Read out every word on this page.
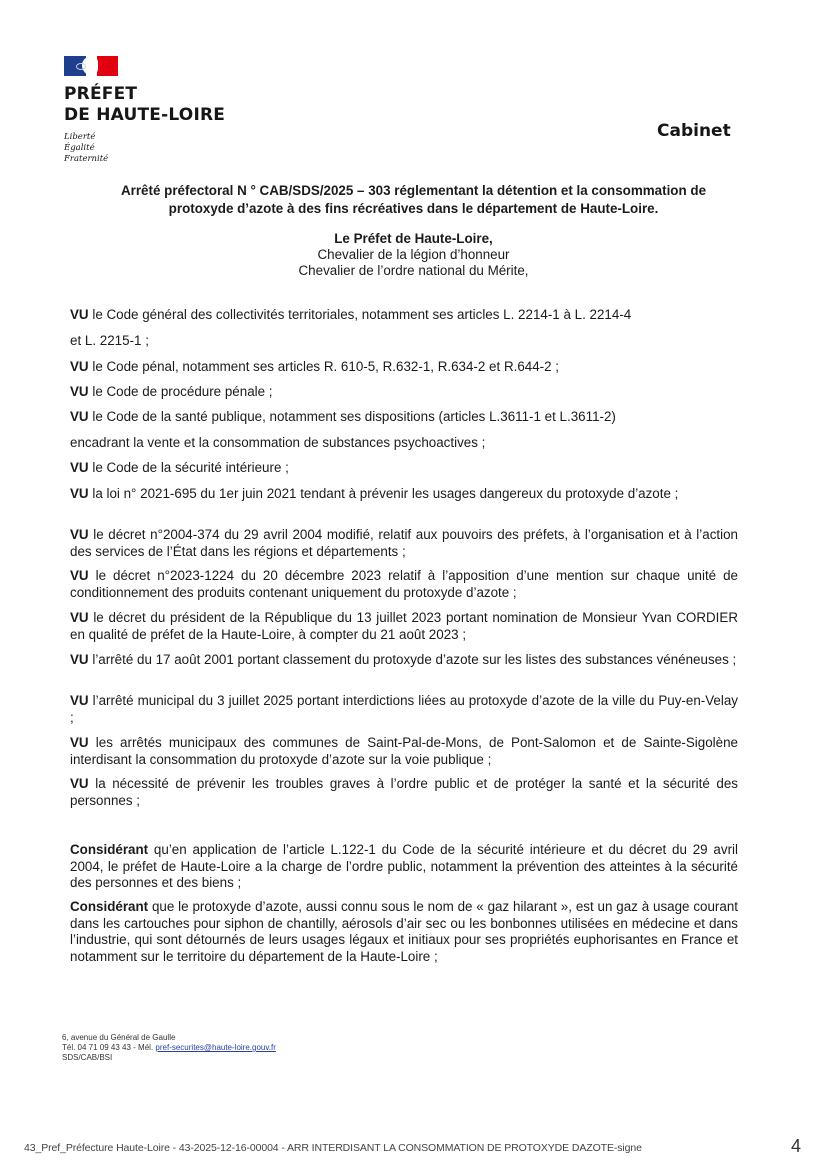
PRÉFET
DE HAUTE-LOIRE
Liberté
Égalité
Fraternité
Cabinet
Arrêté préfectoral N ° CAB/SDS/2025 – 303 réglementant la détention et la consommation de
protoxyde d’azote à des fins récréatives dans le département de Haute-Loire.
Le Préfet de Haute-Loire,
Chevalier de la légion d’honneur
Chevalier de l’ordre national du Mérite,

VU le Code général des collectivités territoriales, notamment ses articles L. 2214-1 à L. 2214-4

et L. 2215-1 ;

VU le Code pénal, notamment ses articles R. 610-5, R.632-1, R.634-2 et R.644-2 ;

VU le Code de procédure pénale ;

VU le Code de la santé publique, notamment ses dispositions (articles L.3611-1 et L.3611-2)

encadrant la vente et la consommation de substances psychoactives ;

VU le Code de la sécurité intérieure ;

VU la loi n° 2021-695 du 1er juin 2021 tendant à prévenir les usages dangereux du protoxyde d’azote ;

VU le décret n°2004-374 du 29 avril 2004 modifié, relatif aux pouvoirs des préfets, à l’organisation et à l’action des services de l’État dans les régions et départements ;

VU le décret n°2023-1224 du 20 décembre 2023 relatif à l’apposition d’une mention sur chaque unité de conditionnement des produits contenant uniquement du protoxyde d’azote ;

VU le décret du président de la République du 13 juillet 2023 portant nomination de Monsieur Yvan CORDIER en qualité de préfet de la Haute-Loire, à compter du 21 août 2023 ;

VU l’arrêté du 17 août 2001 portant classement du protoxyde d’azote sur les listes des substances vénéneuses ;

VU l’arrêté municipal du 3 juillet 2025 portant interdictions liées au protoxyde d’azote de la ville du Puy-en-Velay ;

VU les arrêtés municipaux des communes de Saint-Pal-de-Mons, de Pont-Salomon et de Sainte-Sigolène interdisant la consommation du protoxyde d’azote sur la voie publique ;

VU la nécessité de prévenir les troubles graves à l’ordre public et de protéger la santé et la sécurité des personnes ;

Considérant qu’en application de l’article L.122-1 du Code de la sécurité intérieure et du décret du 29 avril 2004, le préfet de Haute-Loire a la charge de l’ordre public, notamment la prévention des atteintes à la sécurité des personnes et des biens ;

Considérant que le protoxyde d’azote, aussi connu sous le nom de « gaz hilarant », est un gaz à usage courant dans les cartouches pour siphon de chantilly, aérosols d’air sec ou les bonbonnes utilisées en médecine et dans l’industrie, qui sont détournés de leurs usages légaux et initiaux pour ses propriétés euphorisantes en France et notamment sur le territoire du département de la Haute-Loire ;

6, avenue du Général de Gaulle
Tél. 04 71 09 43 43 - Mél. pref-securites@haute-loire.gouv.fr
SDS/CAB/BSI
43_Pref_Préfecture Haute-Loire - 43-2025-12-16-00004 - ARR INTERDISANT LA CONSOMMATION DE PROTOXYDE DAZOTE-signe	4
